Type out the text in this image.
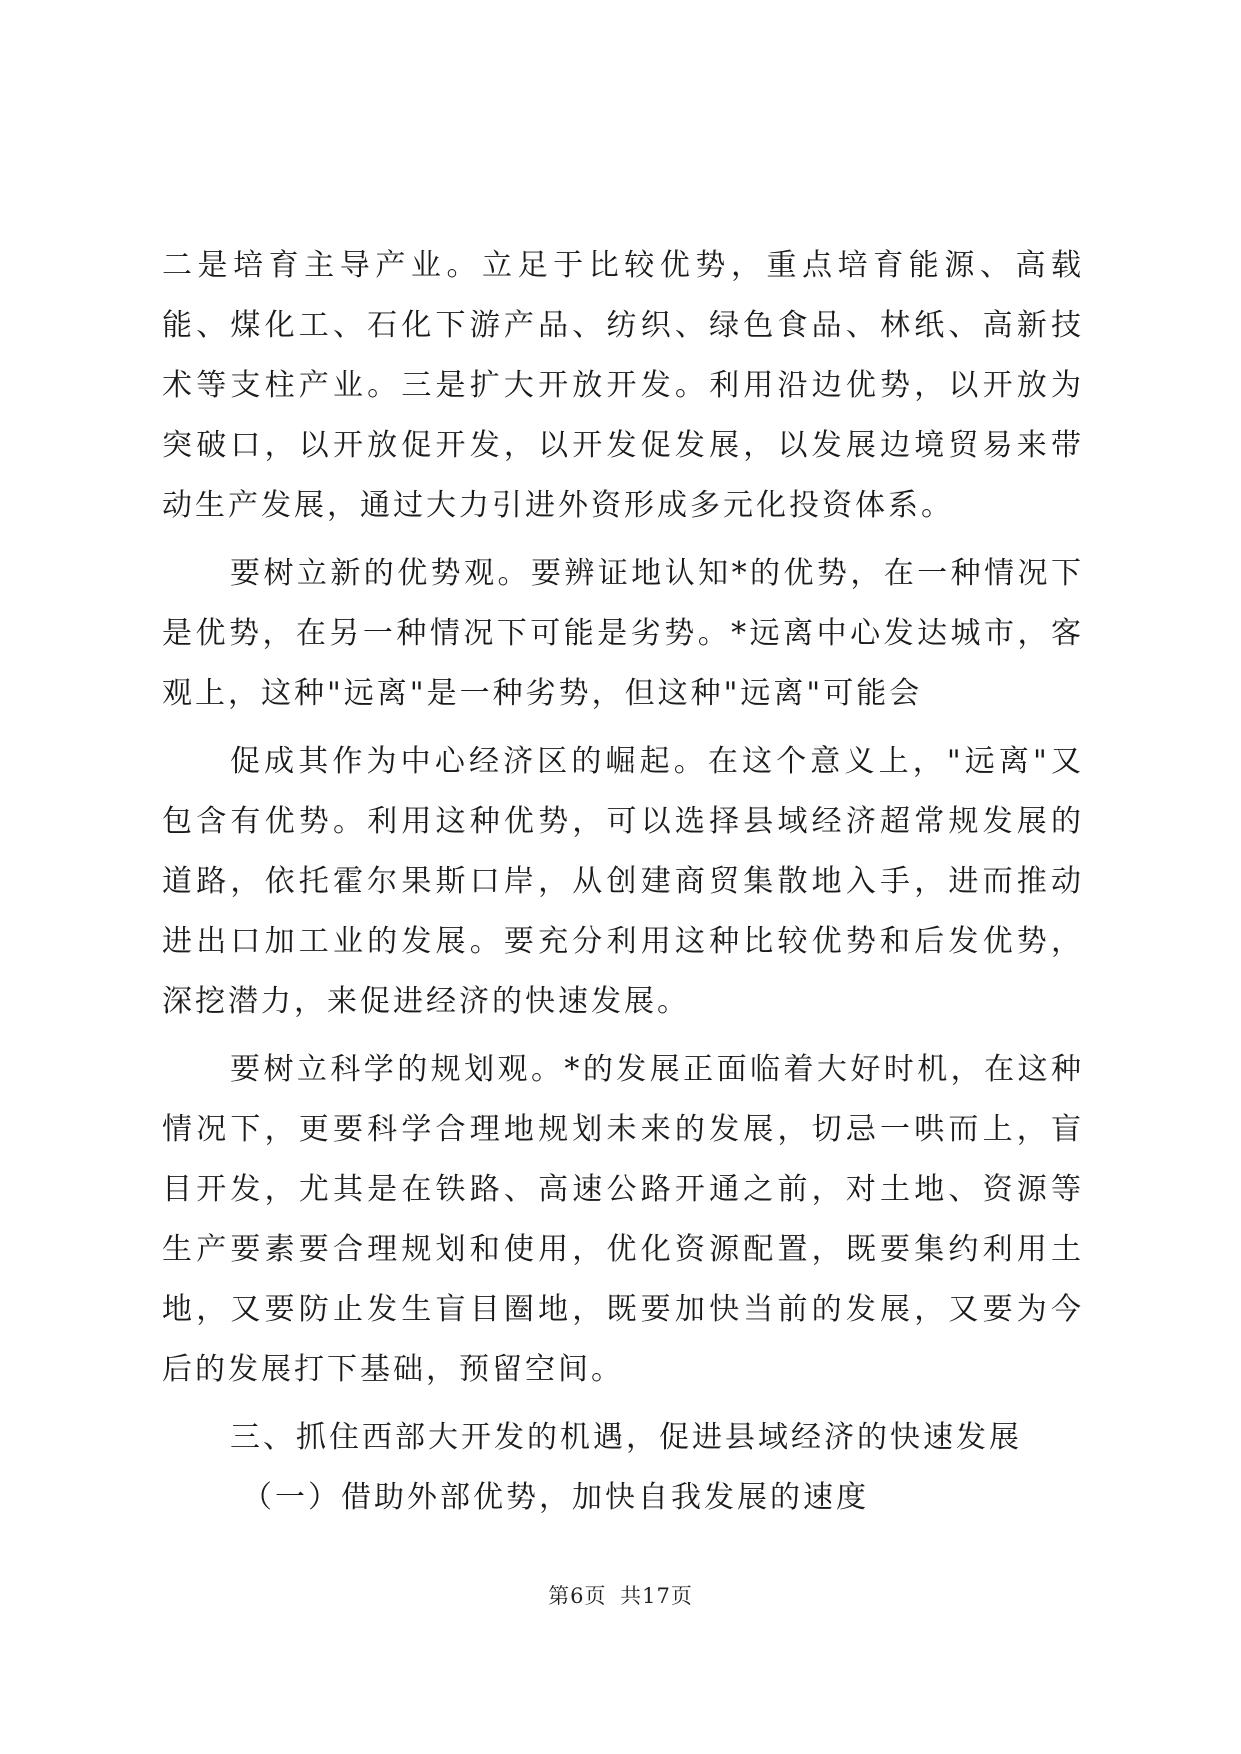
二是培育主导产业。立足于比较优势，重点培育能源、高载能、煤化工、石化下游产品、纺织、绿色食品、林纸、高新技术等支柱产业。三是扩大开放开发。利用沿边优势，以开放为突破口，以开放促开发，以开发促发展，以发展边境贸易来带动生产发展，通过大力引进外资形成多元化投资体系。

要树立新的优势观。要辨证地认知*的优势，在一种情况下是优势，在另一种情况下可能是劣势。*远离中心发达城市，客观上，这种"远离"是一种劣势，但这种"远离"可能会

促成其作为中心经济区的崛起。在这个意义上，"远离"又包含有优势。利用这种优势，可以选择县域经济超常规发展的道路，依托霍尔果斯口岸，从创建商贸集散地入手，进而推动进出口加工业的发展。要充分利用这种比较优势和后发优势，深挖潜力，来促进经济的快速发展。

要树立科学的规划观。*的发展正面临着大好时机，在这种情况下，更要科学合理地规划未来的发展，切忌一哄而上，盲目开发，尤其是在铁路、高速公路开通之前，对土地、资源等生产要素要合理规划和使用，优化资源配置，既要集约利用土地，又要防止发生盲目圈地，既要加快当前的发展，又要为今后的发展打下基础，预留空间。

三、抓住西部大开发的机遇，促进县域经济的快速发展

（一）借助外部优势，加快自我发展的速度

第6页 共17页
